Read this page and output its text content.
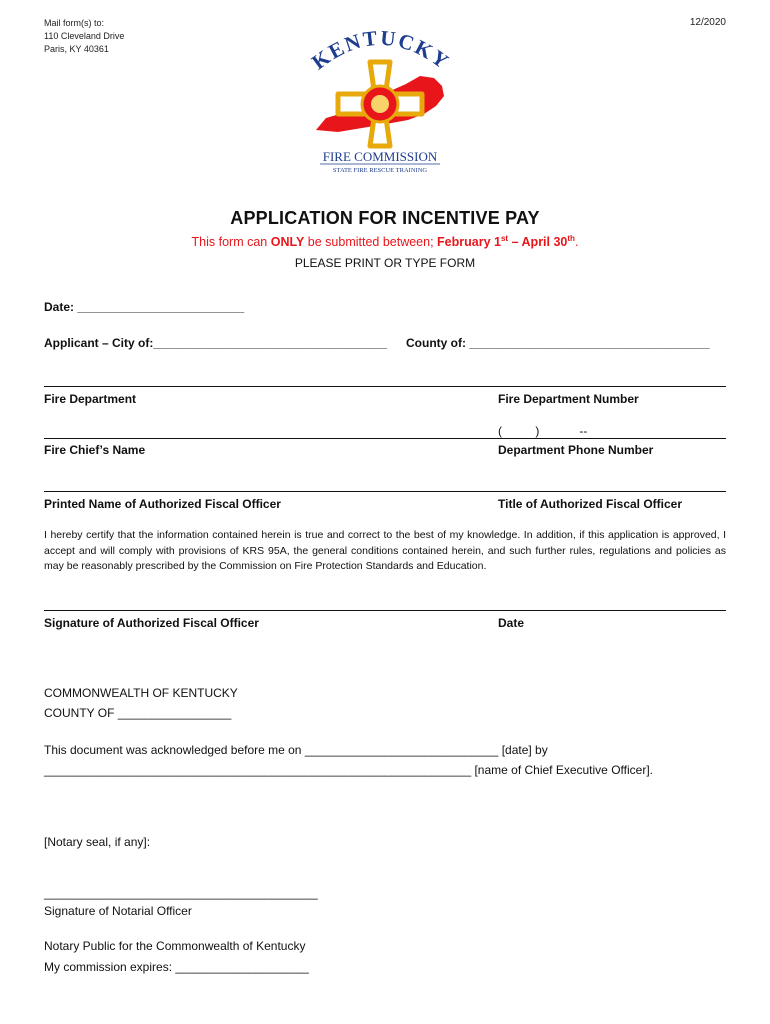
Mail form(s) to:
110 Cleveland Drive
Paris, KY 40361
12/2020
KENTUCKY
FIRE COMMISSION
STATE FIRE RESCUE TRAINING
APPLICATION FOR INCENTIVE PAY
This form can ONLY be submitted between; February 1st – April 30th.
PLEASE PRINT OR TYPE FORM
Date: _________________________
Applicant – City of:___________________________________ County of: ____________________________________
Fire Department	Fire Department Number
(          )            --
Fire Chief’s Name	Department Phone Number
Printed Name of Authorized Fiscal Officer	Title of Authorized Fiscal Officer
I hereby certify that the information contained herein is true and correct to the best of my knowledge. In addition, if this application is approved, I accept and will comply with provisions of KRS 95A, the general conditions contained herein, and such further rules, regulations and policies as may be reasonably prescribed by the Commission on Fire Protection Standards and Education.
Signature of Authorized Fiscal Officer	Date
COMMONWEALTH OF KENTUCKY
COUNTY OF _________________
This document was acknowledged before me on _____________________________ [date] by
________________________________________________________________ [name of Chief Executive Officer].
[Notary seal, if any]:
_________________________________________
Signature of Notarial Officer
Notary Public for the Commonwealth of Kentucky
My commission expires: ____________________
